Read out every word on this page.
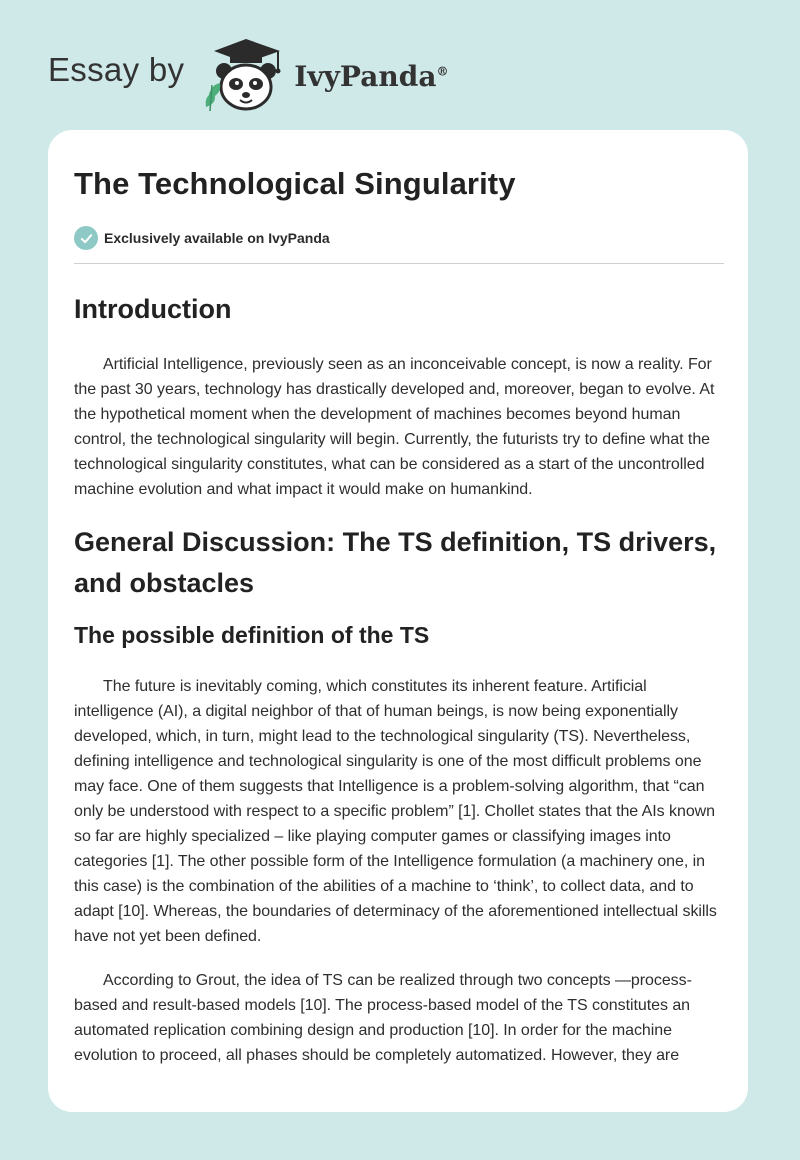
Essay by	IvyPanda®
The Technological Singularity
Exclusively available on IvyPanda
Introduction

Artificial Intelligence, previously seen as an inconceivable concept, is now a reality. For the past 30 years, technology has drastically developed and, moreover, began to evolve. At the hypothetical moment when the development of machines becomes beyond human control, the technological singularity will begin. Currently, the futurists try to define what the technological singularity constitutes, what can be considered as a start of the uncontrolled machine evolution and what impact it would make on humankind.

General Discussion: The TS definition, TS drivers, and obstacles
The possible definition of the TS

The future is inevitably coming, which constitutes its inherent feature. Artificial intelligence (AI), a digital neighbor of that of human beings, is now being exponentially developed, which, in turn, might lead to the technological singularity (TS). Nevertheless, defining intelligence and technological singularity is one of the most difficult problems one may face. One of them suggests that Intelligence is a problem-solving algorithm, that “can only be understood with respect to a specific problem” [1]. Chollet states that the AIs known so far are highly specialized – like playing computer games or classifying images into categories [1]. The other possible form of the Intelligence formulation (a machinery one, in this case) is the combination of the abilities of a machine to ‘think’, to collect data, and to adapt [10]. Whereas, the boundaries of determinacy of the aforementioned intellectual skills have not yet been defined.

According to Grout, the idea of TS can be realized through two concepts —process-based and result-based models [10]. The process-based model of the TS constitutes an automated replication combining design and production [10]. In order for the machine evolution to proceed, all phases should be completely automatized. However, they are
